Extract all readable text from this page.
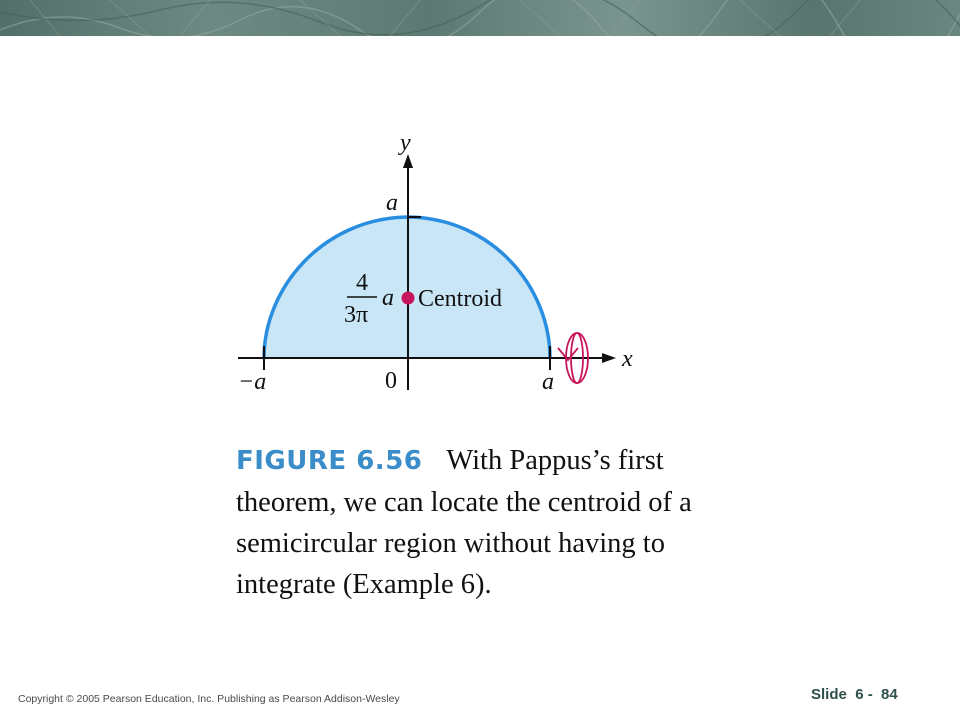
y
x
a
−a	0	a
4
3π
a Centroid
FIGURE 6.56 With Pappus’s first theorem, we can locate the centroid of a semicircular region without having to integrate (Example 6).
Copyright © 2005 Pearson Education, Inc. Publishing as Pearson Addison-Wesley	Slide 6 -  84
